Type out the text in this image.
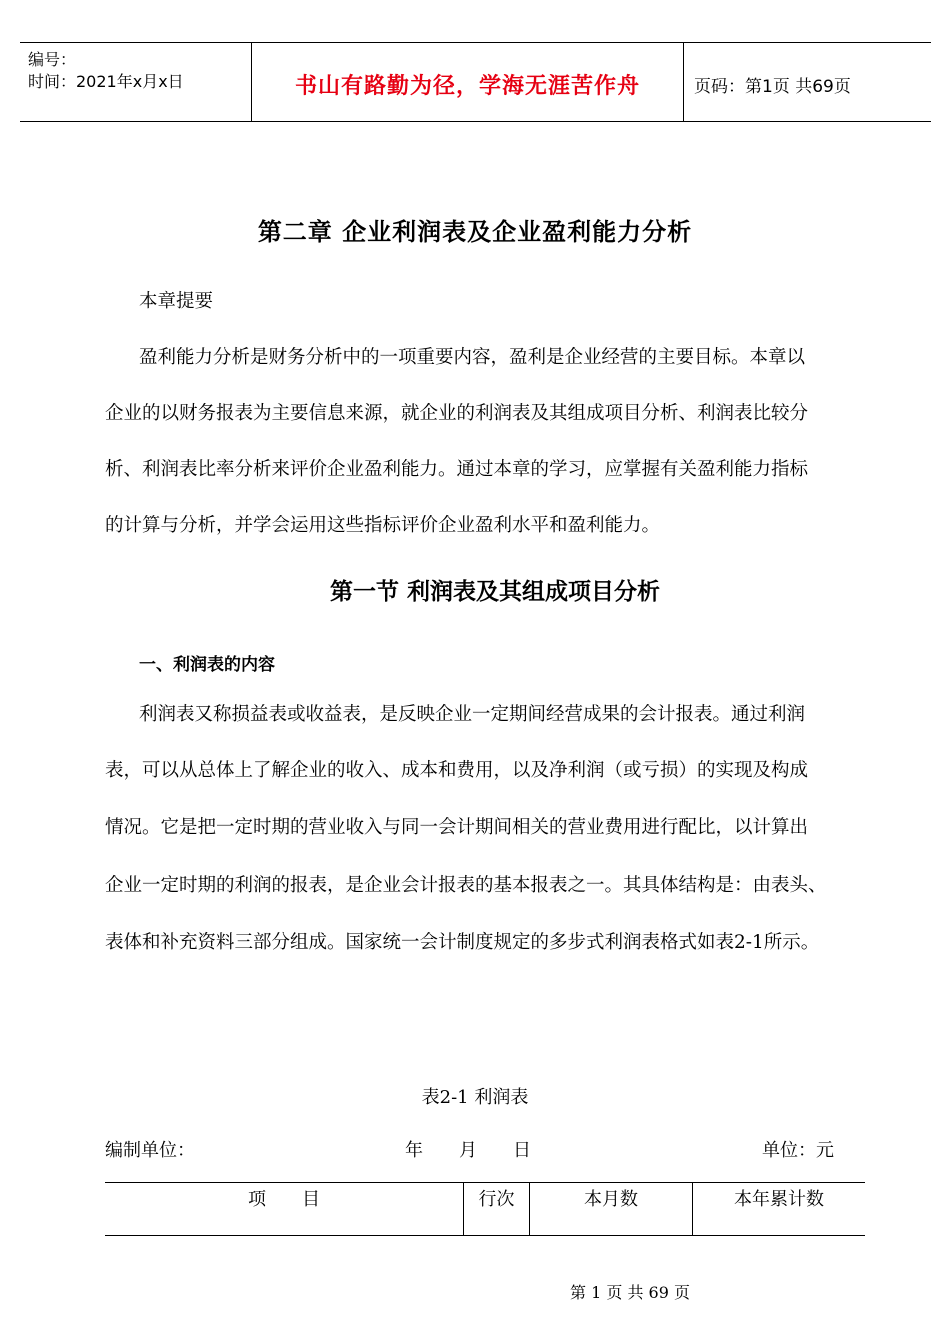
编号：
时间：2021年x月x日	书山有路勤为径，学海无涯苦作舟	页码：第1页 共69页
第二章 企业利润表及企业盈利能力分析
本章提要
盈利能力分析是财务分析中的一项重要内容，盈利是企业经营的主要目标。本章以
企业的以财务报表为主要信息来源，就企业的利润表及其组成项目分析、利润表比较分
析、利润表比率分析来评价企业盈利能力。通过本章的学习，应掌握有关盈利能力指标
的计算与分析，并学会运用这些指标评价企业盈利水平和盈利能力。
第一节 利润表及其组成项目分析
一、利润表的内容
利润表又称损益表或收益表，是反映企业一定期间经营成果的会计报表。通过利润
表，可以从总体上了解企业的收入、成本和费用，以及净利润（或亏损）的实现及构成
情况。它是把一定时期的营业收入与同一会计期间相关的营业费用进行配比，以计算出
企业一定时期的利润的报表，是企业会计报表的基本报表之一。其具体结构是：由表头、
表体和补充资料三部分组成。国家统一会计制度规定的多步式利润表格式如表2-1所示。
表2-1 利润表
编制单位：	年　　月　　日	单位：元
项　　目	行次	本月数	本年累计数
第 1 页 共 69 页
